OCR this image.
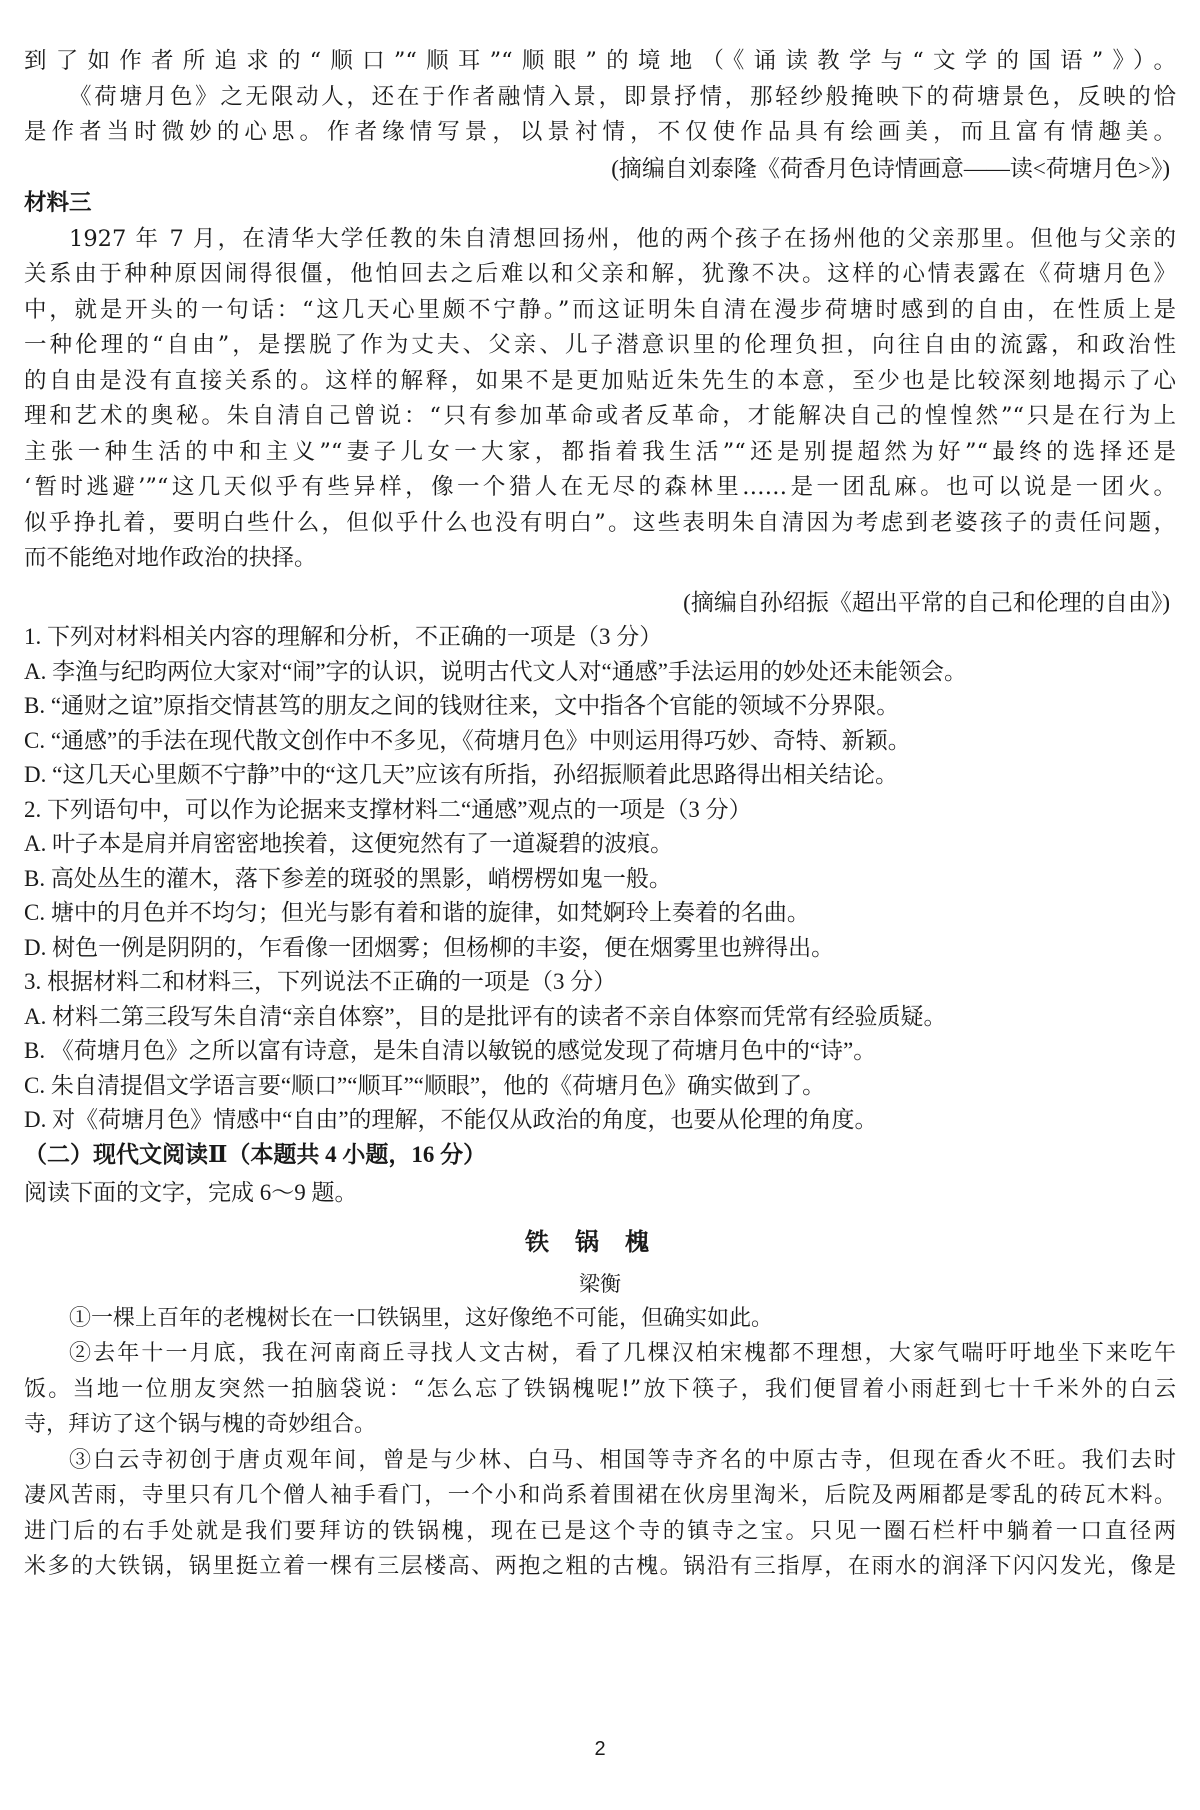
到了如作者所追求的“顺口”“顺耳”“顺眼”的境地（《诵读教学与“文学的国语”》）。
《荷塘月色》之无限动人，还在于作者融情入景，即景抒情，那轻纱般掩映下的荷塘景色，反映的恰
是作者当时微妙的心思。作者缘情写景，以景衬情，不仅使作品具有绘画美，而且富有情趣美。
(摘编自刘泰隆《荷香月色诗情画意——读<荷塘月色>》)
材料三
1927 年 7 月，在清华大学任教的朱自清想回扬州，他的两个孩子在扬州他的父亲那里。但他与父亲的
关系由于种种原因闹得很僵，他怕回去之后难以和父亲和解，犹豫不决。这样的心情表露在《荷塘月色》
中，就是开头的一句话：“这几天心里颇不宁静。”而这证明朱自清在漫步荷塘时感到的自由，在性质上是
一种伦理的“自由”，是摆脱了作为丈夫、父亲、儿子潜意识里的伦理负担，向往自由的流露，和政治性
的自由是没有直接关系的。这样的解释，如果不是更加贴近朱先生的本意，至少也是比较深刻地揭示了心
理和艺术的奥秘。朱自清自己曾说：“只有参加革命或者反革命，才能解决自己的惶惶然”“只是在行为上
主张一种生活的中和主义”“妻子儿女一大家，都指着我生活”“还是别提超然为好”“最终的选择还是
‘暂时逃避’”“这几天似乎有些异样，像一个猎人在无尽的森林里……是一团乱麻。也可以说是一团火。
似乎挣扎着，要明白些什么，但似乎什么也没有明白”。这些表明朱自清因为考虑到老婆孩子的责任问题，
而不能绝对地作政治的抉择。
(摘编自孙绍振《超出平常的自己和伦理的自由》)
1. 下列对材料相关内容的理解和分析，不正确的一项是（3 分）
A. 李渔与纪昀两位大家对“闹”字的认识，说明古代文人对“通感”手法运用的妙处还未能领会。
B. “通财之谊”原指交情甚笃的朋友之间的钱财往来，文中指各个官能的领域不分界限。
C. “通感”的手法在现代散文创作中不多见，《荷塘月色》中则运用得巧妙、奇特、新颖。
D. “这几天心里颇不宁静”中的“这几天”应该有所指，孙绍振顺着此思路得出相关结论。
2. 下列语句中，可以作为论据来支撑材料二“通感”观点的一项是（3 分）
A. 叶子本是肩并肩密密地挨着，这便宛然有了一道凝碧的波痕。
B. 高处丛生的灌木，落下参差的斑驳的黑影，峭楞楞如鬼一般。
C. 塘中的月色并不均匀；但光与影有着和谐的旋律，如梵婀玲上奏着的名曲。
D. 树色一例是阴阴的，乍看像一团烟雾；但杨柳的丰姿，便在烟雾里也辨得出。
3. 根据材料二和材料三，下列说法不正确的一项是（3 分）
A. 材料二第三段写朱自清“亲自体察”，目的是批评有的读者不亲自体察而凭常有经验质疑。
B. 《荷塘月色》之所以富有诗意，是朱自清以敏锐的感觉发现了荷塘月色中的“诗”。
C. 朱自清提倡文学语言要“顺口”“顺耳”“顺眼”，他的《荷塘月色》确实做到了。
D. 对《荷塘月色》情感中“自由”的理解，不能仅从政治的角度，也要从伦理的角度。
（二）现代文阅读Ⅱ（本题共 4 小题，16 分）
阅读下面的文字，完成 6～9 题。
铁锅槐
梁衡
①一棵上百年的老槐树长在一口铁锅里，这好像绝不可能，但确实如此。
②去年十一月底，我在河南商丘寻找人文古树，看了几棵汉柏宋槐都不理想，大家气喘吁吁地坐下来吃午
饭。当地一位朋友突然一拍脑袋说：“怎么忘了铁锅槐呢!”放下筷子，我们便冒着小雨赶到七十千米外的白云
寺，拜访了这个锅与槐的奇妙组合。
③白云寺初创于唐贞观年间，曾是与少林、白马、相国等寺齐名的中原古寺，但现在香火不旺。我们去时
凄风苦雨，寺里只有几个僧人袖手看门，一个小和尚系着围裙在伙房里淘米，后院及两厢都是零乱的砖瓦木料。
进门后的右手处就是我们要拜访的铁锅槐，现在已是这个寺的镇寺之宝。只见一圈石栏杆中躺着一口直径两
米多的大铁锅，锅里挺立着一棵有三层楼高、两抱之粗的古槐。锅沿有三指厚，在雨水的润泽下闪闪发光，像是
2
